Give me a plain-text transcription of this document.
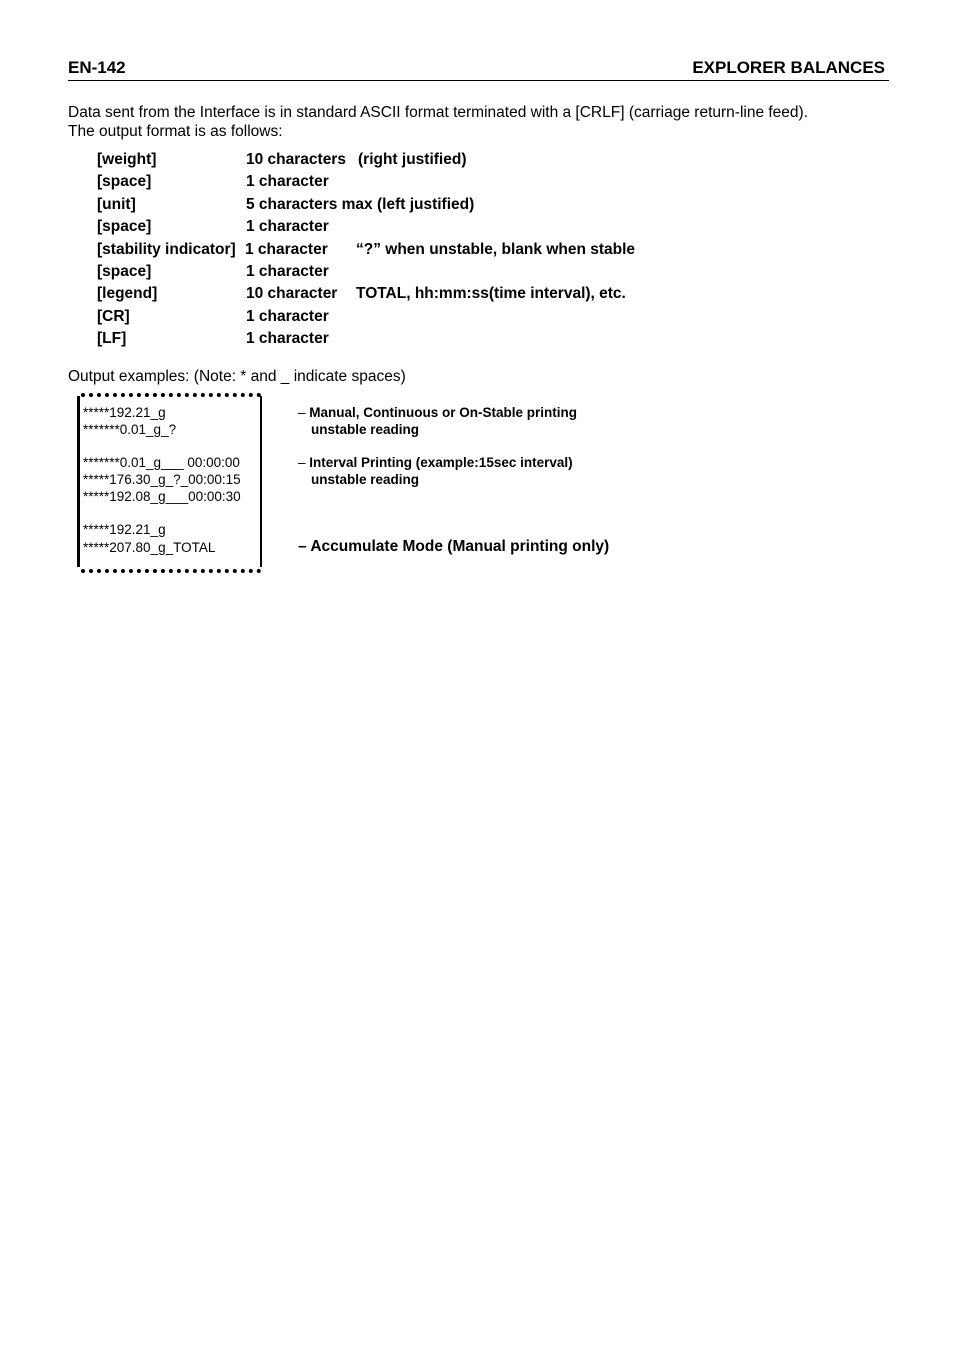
EN-142	EXPLORER BALANCES
Data sent from the Interface is in standard ASCII format terminated with a [CRLF] (carriage return-line feed).
The output format is as follows:
[weight]	10 characters (right justified)
[space]	1 character
[unit]	5 characters max (left justified)
[space]	1 character
[stability indicator] 1 character “?” when unstable, blank when stable
[space]	1 character
[legend]	10 character TOTAL, hh:mm:ss(time interval), etc.
[CR]	1 character
[LF]	1 character
Output examples: (Note: * and _ indicate spaces)
*****192.21_g
*******0.01_g_?
*******0.01_g___ 00:00:00
*****176.30_g_?_00:00:15
*****192.08_g___00:00:30
*****192.21_g
*****207.80_g_TOTAL
– Manual, Continuous or On-Stable printing
unstable reading
– Interval Printing (example:15sec interval)
unstable reading
– Accumulate Mode (Manual printing only)
